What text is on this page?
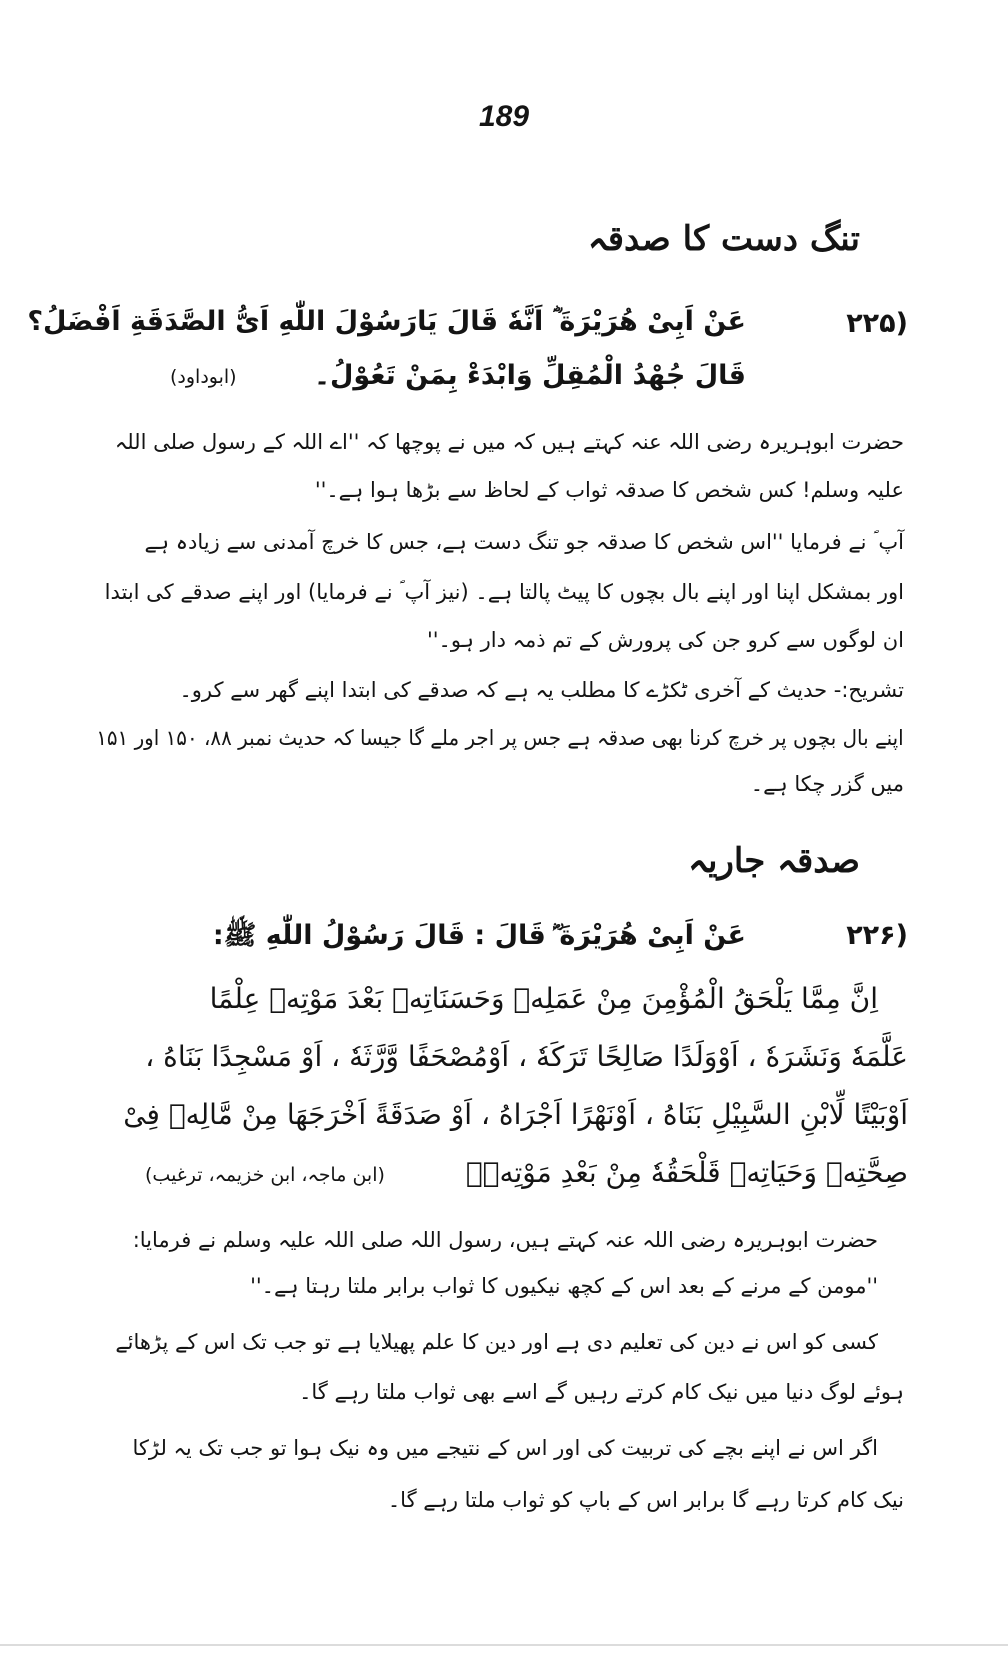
189
تنگ دست کا صدقہ
(۲۲۵
عَنْ اَبِیْ هُرَیْرَةَ ؓ اَنَّهٗ قَالَ یَارَسُوْلَ اللّٰهِ اَیُّ الصَّدَقَةِ اَفْضَلُ؟
قَالَ جُهْدُ الْمُقِلِّ وَابْدَءْ بِمَنْ تَعُوْلُ۔
(ابوداود)
حضرت ابوہریرہ رضی اللہ عنہ کہتے ہیں کہ میں نے پوچھا کہ ''اے اللہ کے رسول صلی اللہ
علیہ وسلم! کس شخص کا صدقہ ثواب کے لحاظ سے بڑھا ہوا ہے۔''
آپ ؐ نے فرمایا ''اس شخص کا صدقہ جو تنگ دست ہے، جس کا خرچ آمدنی سے زیادہ ہے
اور بمشکل اپنا اور اپنے بال بچوں کا پیٹ پالتا ہے۔ (نیز آپ ؐ نے فرمایا) اور اپنے صدقے کی ابتدا
ان لوگوں سے کرو جن کی پرورش کے تم ذمہ دار ہو۔''
تشریح:- حدیث کے آخری ٹکڑے کا مطلب یہ ہے کہ صدقے کی ابتدا اپنے گھر سے کرو۔
اپنے بال بچوں پر خرچ کرنا بھی صدقہ ہے جس پر اجر ملے گا جیسا کہ حدیث نمبر ۸۸، ۱۵۰ اور ۱۵۱
میں گزر چکا ہے۔
صدقہ جاریہ
(۲۲۶
عَنْ اَبِیْ هُرَیْرَةَ ؓ قَالَ : قَالَ رَسُوْلُ اللّٰهِ ﷺ:
اِنَّ مِمَّا یَلْحَقُ الْمُؤْمِنَ مِنْ عَمَلِهٖ وَحَسَنَاتِهٖ بَعْدَ مَوْتِهٖ عِلْمًا
عَلَّمَهٗ وَنَشَرَهٗ ، اَوْوَلَدًا صَالِحًا تَرَكَهٗ ، اَوْمُصْحَفًا وَّرَّثَهٗ ، اَوْ مَسْجِدًا بَنَاهُ ،
اَوْبَيْتًا لِّابْنِ السَّبِيْلِ بَنَاهُ ، اَوْنَهْرًا اَجْرَاهُ ، اَوْ صَدَقَةً اَخْرَجَهَا مِنْ مَّالِهٖ فِیْ
صِحَّتِهٖ وَحَيَاتِهٖ قَلْحَقُهٗ مِنْ بَعْدِ مَوْتِهٖ۔
(ابن ماجہ، ابن خزیمہ، ترغیب)
حضرت ابوہریرہ رضی اللہ عنہ کہتے ہیں، رسول اللہ صلی اللہ علیہ وسلم نے فرمایا:
''مومن کے مرنے کے بعد اس کے کچھ نیکیوں کا ثواب برابر ملتا رہتا ہے۔''
کسی کو اس نے دین کی تعلیم دی ہے اور دین کا علم پھیلایا ہے تو جب تک اس کے پڑھائے
ہوئے لوگ دنیا میں نیک کام کرتے رہیں گے اسے بھی ثواب ملتا رہے گا۔
اگر اس نے اپنے بچے کی تربیت کی اور اس کے نتیجے میں وہ نیک ہوا تو جب تک یہ لڑکا
نیک کام کرتا رہے گا برابر اس کے باپ کو ثواب ملتا رہے گا۔
